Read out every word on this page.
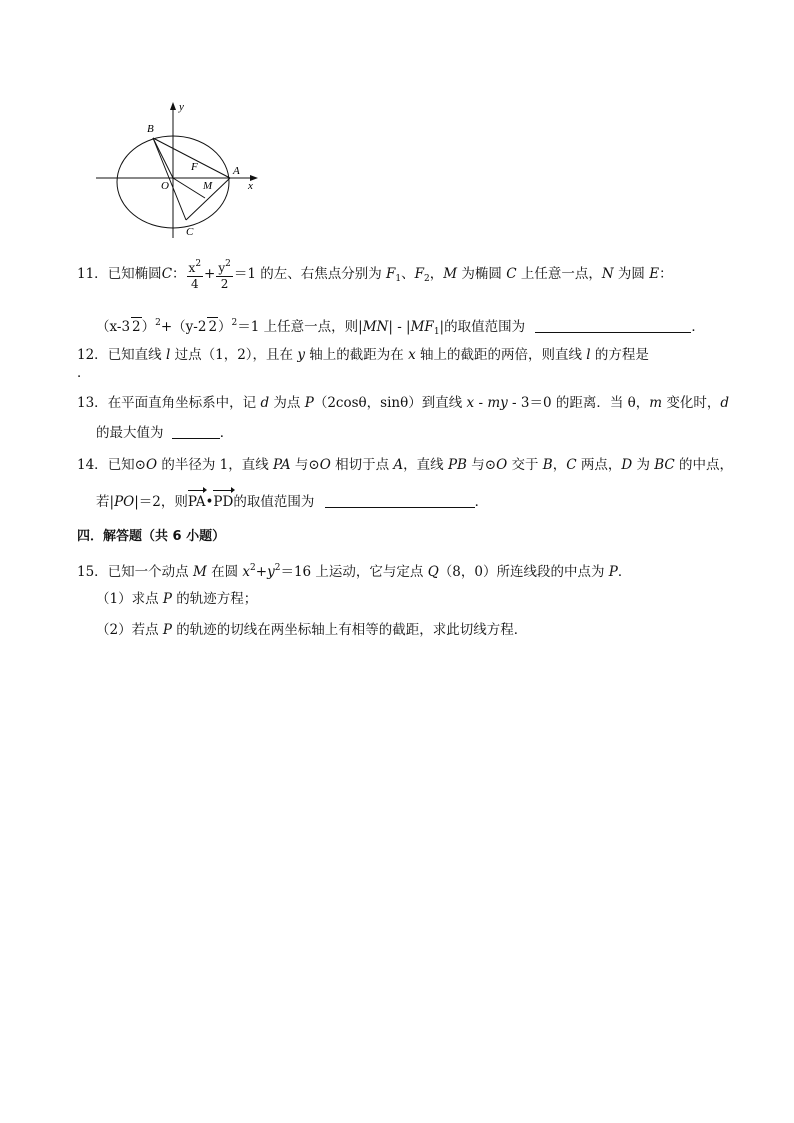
y
x
B
F	A
O	M
C
11．已知椭圆C： $\frac{x^2}{4} + \frac{y^2}{2} =1$ 的左、右焦点分别为 $F_1$、$F_2$，M 为椭圆 C 上任意一点，N 为圆 E：
（x-3 2）$^2$+（y-2 2）$^2$＝1 上任意一点，则$|MN| - |MF_1|$的取值范围为	．
12．已知直线 l 过点（1，2），且在 y 轴上的截距为在 x 轴上的截距的两倍，则直线 l 的方程是
．
13．在平面直角坐标系中，记 d 为点 P（2cosθ，sinθ）到直线 x - my - 3＝0 的距离．当 θ，m 变化时，d
的最大值为	．
14．已知⊙O 的半径为 1，直线 PA 与⊙O 相切于点 A，直线 PB 与⊙O 交于 B，C 两点，D 为 BC 的中点，
若|PO|＝2，则PA•PD的取值范围为	．
四．解答题（共 6 小题）
15．已知一个动点 M 在圆 $x^2+y^2=16$ 上运动，它与定点 Q（8，0）所连线段的中点为 P．
（1）求点 P 的轨迹方程；
（2）若点 P 的轨迹的切线在两坐标轴上有相等的截距，求此切线方程．
